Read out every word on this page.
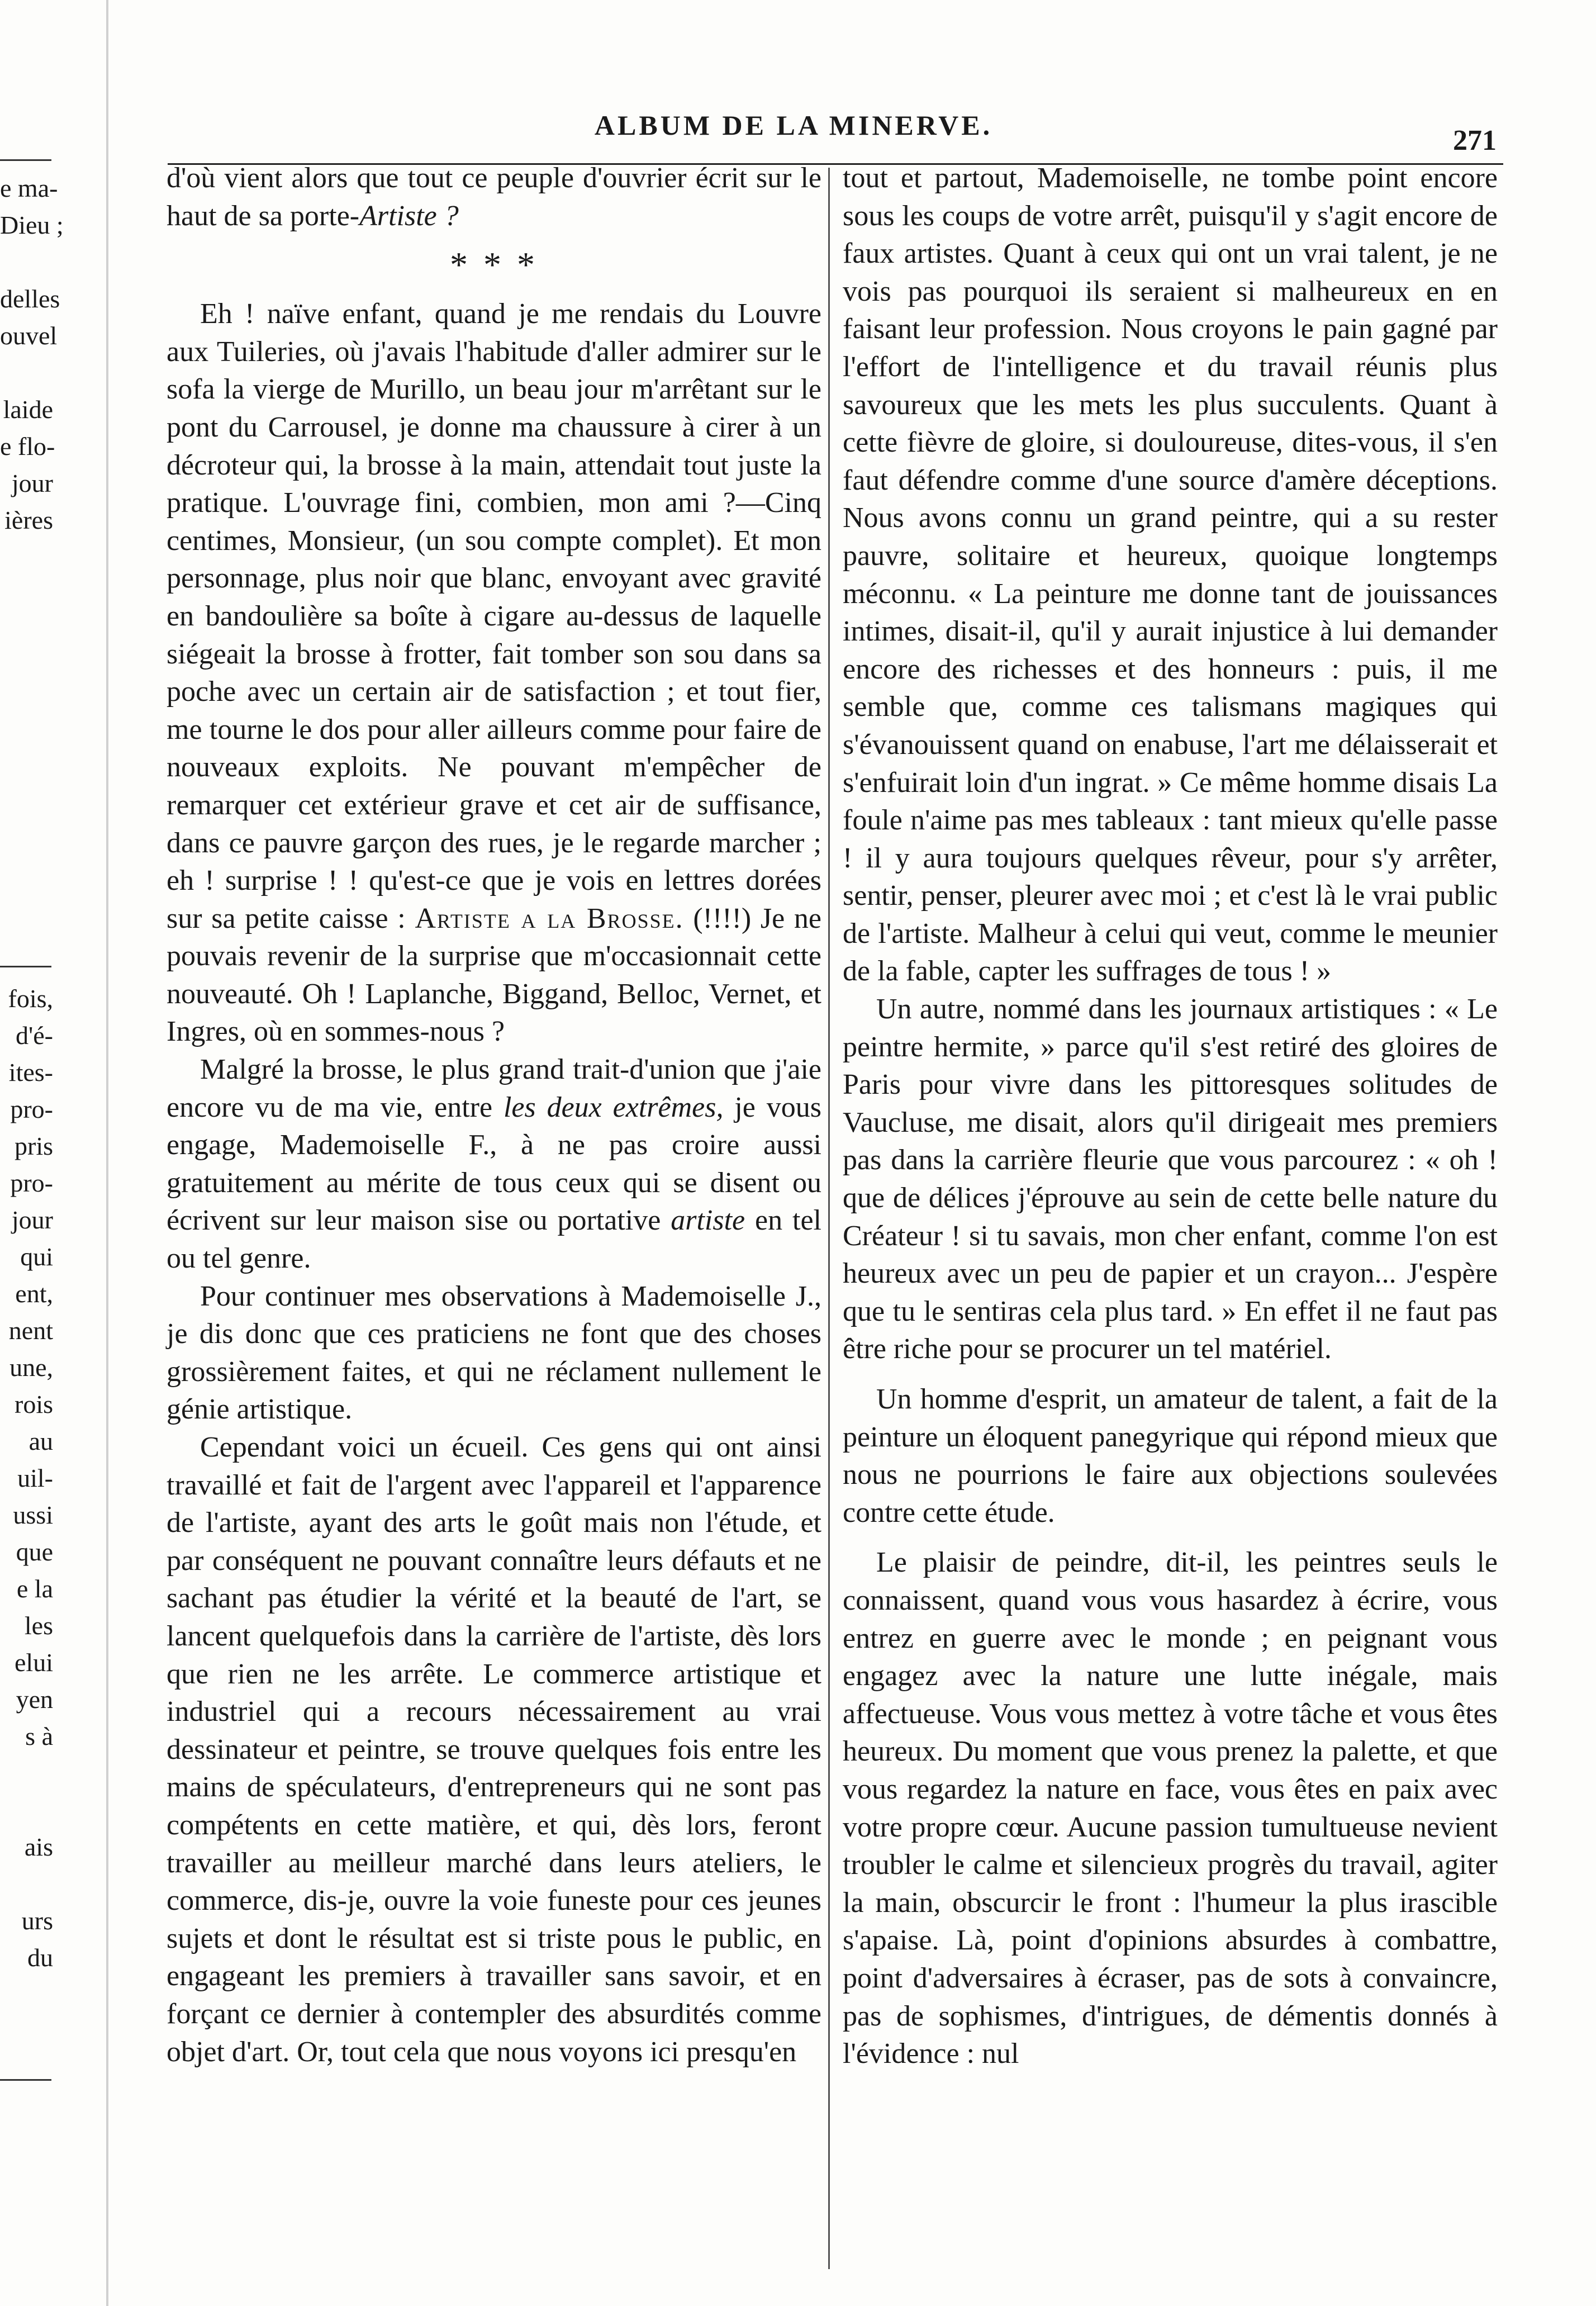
e ma-
Dieu ;
delles
ouvel
laide
e flo-
jour
ières
fois,
d'é-
ites-
pro-
pris
pro-
jour
qui
ent,
nent
une,
rois
au
uil-
ussi
que
e la
les
elui
yen
s à
ais
urs
du
ALBUM DE LA MINERVE.	271

d'où vient alors que tout ce peuple d'ouvrier écrit sur le haut de sa porte-Artiste ?

* * *

Eh ! naïve enfant, quand je me rendais du Louvre aux Tuileries, où j'avais l'habitude d'aller admirer sur le sofa la vierge de Murillo, un beau jour m'arrêtant sur le pont du Carrousel, je donne ma chaussure à cirer à un décroteur qui, la brosse à la main, attendait tout juste la pratique. L'ouvrage fini, combien, mon ami ?—Cinq centimes, Monsieur, (un sou compte complet). Et mon personnage, plus noir que blanc, envoyant avec gravité en bandoulière sa boîte à cigare au-dessus de laquelle siégeait la brosse à frotter, fait tomber son sou dans sa poche avec un certain air de satisfaction ; et tout fier, me tourne le dos pour aller ailleurs comme pour faire de nouveaux exploits. Ne pouvant m'empêcher de remarquer cet extérieur grave et cet air de suffisance, dans ce pauvre garçon des rues, je le regarde marcher ; eh ! surprise ! ! qu'est-ce que je vois en lettres dorées sur sa petite caisse : Artiste a la Brosse. (!!!!) Je ne pouvais revenir de la surprise que m'occasionnait cette nouveauté. Oh ! Laplanche, Biggand, Belloc, Vernet, et Ingres, où en sommes-nous ?

Malgré la brosse, le plus grand trait-d'union que j'aie encore vu de ma vie, entre les deux extrêmes, je vous engage, Mademoiselle F., à ne pas croire aussi gratuitement au mérite de tous ceux qui se disent ou écrivent sur leur maison sise ou portative artiste en tel ou tel genre.

Pour continuer mes observations à Mademoiselle J., je dis donc que ces praticiens ne font que des choses grossièrement faites, et qui ne réclament nullement le génie artistique.

Cependant voici un écueil. Ces gens qui ont ainsi travaillé et fait de l'argent avec l'appareil et l'apparence de l'artiste, ayant des arts le goût mais non l'étude, et par conséquent ne pouvant connaître leurs défauts et ne sachant pas étudier la vérité et la beauté de l'art, se lancent quelquefois dans la carrière de l'artiste, dès lors que rien ne les arrête. Le commerce artistique et industriel qui a recours nécessairement au vrai dessinateur et peintre, se trouve quelques fois entre les mains de spéculateurs, d'entrepreneurs qui ne sont pas compétents en cette matière, et qui, dès lors, feront travailler au meilleur marché dans leurs ateliers, le commerce, dis-je, ouvre la voie funeste pour ces jeunes sujets et dont le résultat est si triste pous le public, en engageant les premiers à travailler sans savoir, et en forçant ce dernier à contempler des absurdités comme objet d'art. Or, tout cela que nous voyons ici presqu'en

tout et partout, Mademoiselle, ne tombe point encore sous les coups de votre arrêt, puisqu'il y s'agit encore de faux artistes. Quant à ceux qui ont un vrai talent, je ne vois pas pourquoi ils seraient si malheureux en en faisant leur profession. Nous croyons le pain gagné par l'effort de l'intelligence et du travail réunis plus savoureux que les mets les plus succulents. Quant à cette fièvre de gloire, si douloureuse, dites-vous, il s'en faut défendre comme d'une source d'amère déceptions. Nous avons connu un grand peintre, qui a su rester pauvre, solitaire et heureux, quoique longtemps méconnu. « La peinture me donne tant de jouissances intimes, disait-il, qu'il y aurait injustice à lui demander encore des richesses et des honneurs : puis, il me semble que, comme ces talismans magiques qui s'évanouissent quand on enabuse, l'art me délaisserait et s'enfuirait loin d'un ingrat. » Ce même homme disais La foule n'aime pas mes tableaux : tant mieux qu'elle passe ! il y aura toujours quelques rêveur, pour s'y arrêter, sentir, penser, pleurer avec moi ; et c'est là le vrai public de l'artiste. Malheur à celui qui veut, comme le meunier de la fable, capter les suffrages de tous ! »

Un autre, nommé dans les journaux artistiques : « Le peintre hermite, » parce qu'il s'est retiré des gloires de Paris pour vivre dans les pittoresques solitudes de Vaucluse, me disait, alors qu'il dirigeait mes premiers pas dans la carrière fleurie que vous parcourez : « oh ! que de délices j'éprouve au sein de cette belle nature du Créateur ! si tu savais, mon cher enfant, comme l'on est heureux avec un peu de papier et un crayon... J'espère que tu le sentiras cela plus tard. » En effet il ne faut pas être riche pour se procurer un tel matériel.

Un homme d'esprit, un amateur de talent, a fait de la peinture un éloquent panegyrique qui répond mieux que nous ne pourrions le faire aux objections soulevées contre cette étude.

Le plaisir de peindre, dit-il, les peintres seuls le connaissent, quand vous vous hasardez à écrire, vous entrez en guerre avec le monde ; en peignant vous engagez avec la nature une lutte inégale, mais affectueuse. Vous vous mettez à votre tâche et vous êtes heureux. Du moment que vous prenez la palette, et que vous regardez la nature en face, vous êtes en paix avec votre propre cœur. Aucune passion tumultueuse nevient troubler le calme et silencieux progrès du travail, agiter la main, obscurcir le front : l'humeur la plus irascible s'apaise. Là, point d'opinions absurdes à combattre, point d'adversaires à écraser, pas de sots à convaincre, pas de sophismes, d'intrigues, de démentis donnés à l'évidence : nul
